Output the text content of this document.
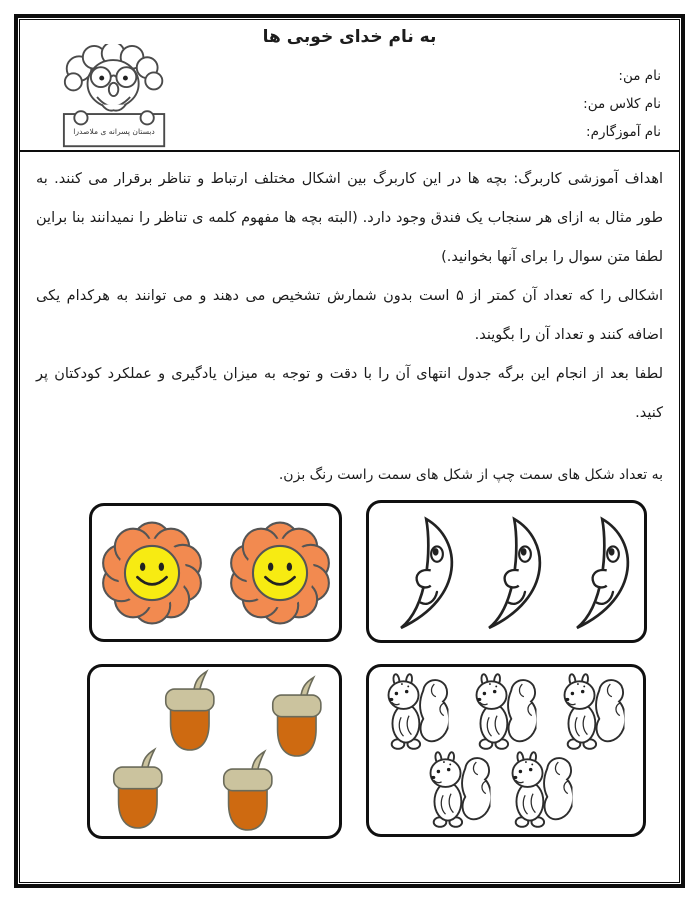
به نام خدای خوبی ها
نام من:
نام کلاس من:
نام آموزگارم:

اهداف آموزشی کاربرگ: بچه ها در این کاربرگ بین اشکال مختلف ارتباط و تناظر برقرار می کنند. به طور مثال به ازای هر سنجاب یک فندق وجود دارد. (البته بچه ها مفهوم کلمه ی تناظر را نمیدانند بنا براین لطفا متن سوال را برای آنها بخوانید.)

اشکالی را که تعداد آن کمتر از ۵ است بدون شمارش تشخیص می دهند و می توانند به هرکدام یکی اضافه کنند و تعداد آن را بگویند.

لطفا بعد از انجام این برگه جدول انتهای آن را با دقت و توجه به میزان یادگیری و عملکرد کودکتان پر کنید.

به تعداد شکل های سمت چپ از شکل های سمت راست رنگ بزن.
